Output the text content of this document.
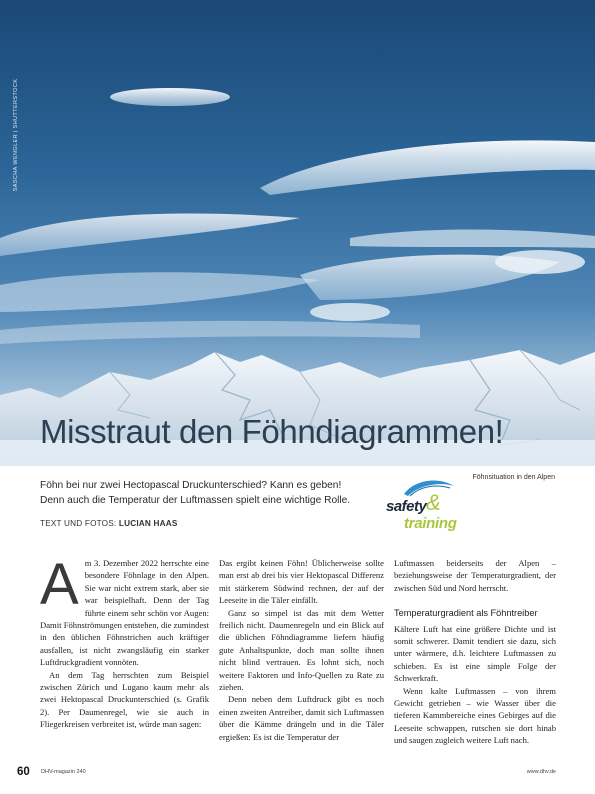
SASCHA WENGLER | SHUTTERSTOCK
Misstraut den Föhndiagrammen!
Föhnsituation in den Alpen

Föhn bei nur zwei Hectopascal Druckunterschied? Kann es geben!

Denn auch die Temperatur der Luftmassen spielt eine wichtige Rolle.

TEXT UND FOTOS: LUCIAN HAAS
safety &
training

Am 3. Dezember 2022 herrschte eine besondere Föhnlage in den Alpen. Sie war nicht extrem stark, aber sie war beispielhaft. Denn der Tag führte einem sehr schön vor Augen: Damit Föhnströmungen entstehen, die zumindest in den üblichen Föhnstrichen auch kräftiger ausfallen, ist nicht zwangsläufig ein starker Luftdruckgradient vonnöten.

An dem Tag herrschten zum Beispiel zwischen Zürich und Lugano kaum mehr als zwei Hektopascal Druckunterschied (s. Grafik 2). Per Daumenregel, wie sie auch in Fliegerkreisen verbreitet ist, würde man sagen:

Das ergibt keinen Föhn! Üblicherweise sollte man erst ab drei bis vier Hektopascal Differenz mit stärkerem Südwind rechnen, der auf der Leeseite in die Täler einfällt.

Ganz so simpel ist das mit dem Wetter freilich nicht. Daumenregeln und ein Blick auf die üblichen Föhndiagramme liefern häufig gute Anhaltspunkte, doch man sollte ihnen nicht blind vertrauen. Es lohnt sich, noch weitere Faktoren und Info-Quellen zu Rate zu ziehen.

Denn neben dem Luftdruck gibt es noch einen zweiten Antreiber, damit sich Luftmassen über die Kämme drängeln und in die Täler ergießen: Es ist die Temperatur der

Luftmassen beiderseits der Alpen – beziehungsweise der Temperaturgradient, der zwischen Süd und Nord herrscht.

Temperaturgradient als Föhntreiber

Kältere Luft hat eine größere Dichte und ist somit schwerer. Damit tendiert sie dazu, sich unter wärmere, d.h. leichtere Luftmassen zu schieben. Es ist eine simple Folge der Schwerkraft.

Wenn kalte Luftmassen – von ihrem Gewicht getrieben – wie Wasser über die tieferen Kammbereiche eines Gebirges auf die Leeseite schwappen, rutschen sie dort hinab und saugen zugleich weitere Luft nach.

60 DHV-magazin 240	www.dhv.de
